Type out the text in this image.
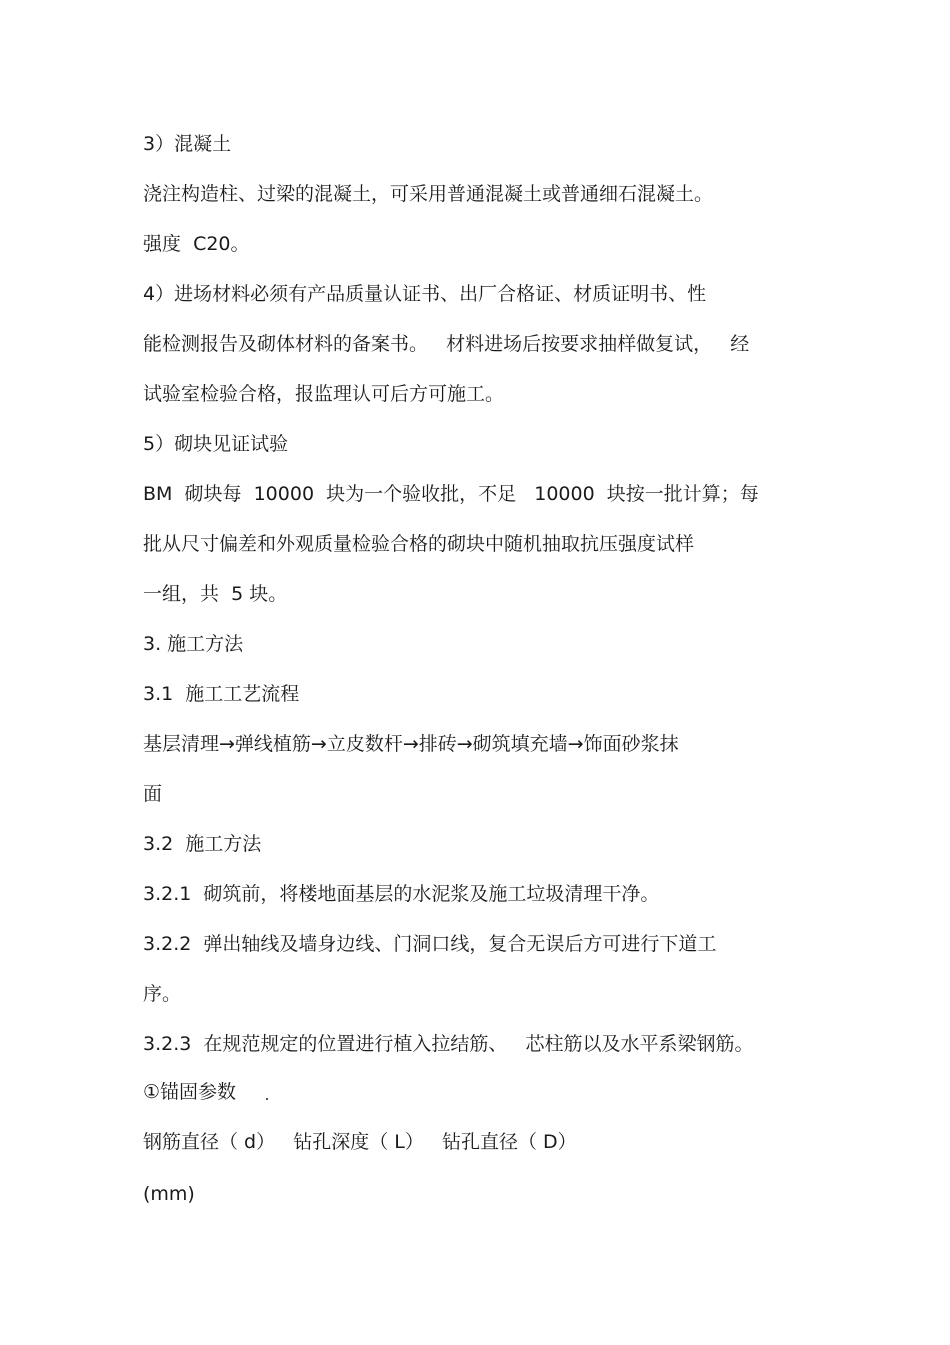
3）混凝土

浇注构造柱、过梁的混凝土，可采用普通混凝土或普通细石混凝土。

强度  C20。

4）进场材料必须有产品质量认证书、出厂合格证、材质证明书、性

能检测报告及砌体材料的备案书。   材料进场后按要求抽样做复试，   经

试验室检验合格，报监理认可后方可施工。

5）砌块见证试验

BM  砌块每  10000  块为一个验收批，不足   10000  块按一批计算；每

批从尺寸偏差和外观质量检验合格的砌块中随机抽取抗压强度试样

一组，共  5 块。

3. 施工方法

3.1  施工工艺流程

基层清理→弹线植筋→立皮数杆→排砖→砌筑填充墙→饰面砂浆抹

面

3.2  施工方法

3.2.1  砌筑前，将楼地面基层的水泥浆及施工垃圾清理干净。

3.2.2  弹出轴线及墙身边线、门洞口线，复合无误后方可进行下道工

序。

3.2.3  在规范规定的位置进行植入拉结筋、   芯柱筋以及水平系梁钢筋。

①锚固参数

钢筋直径（ d）   钻孔深度（ L）   钻孔直径（ D）

(mm)
